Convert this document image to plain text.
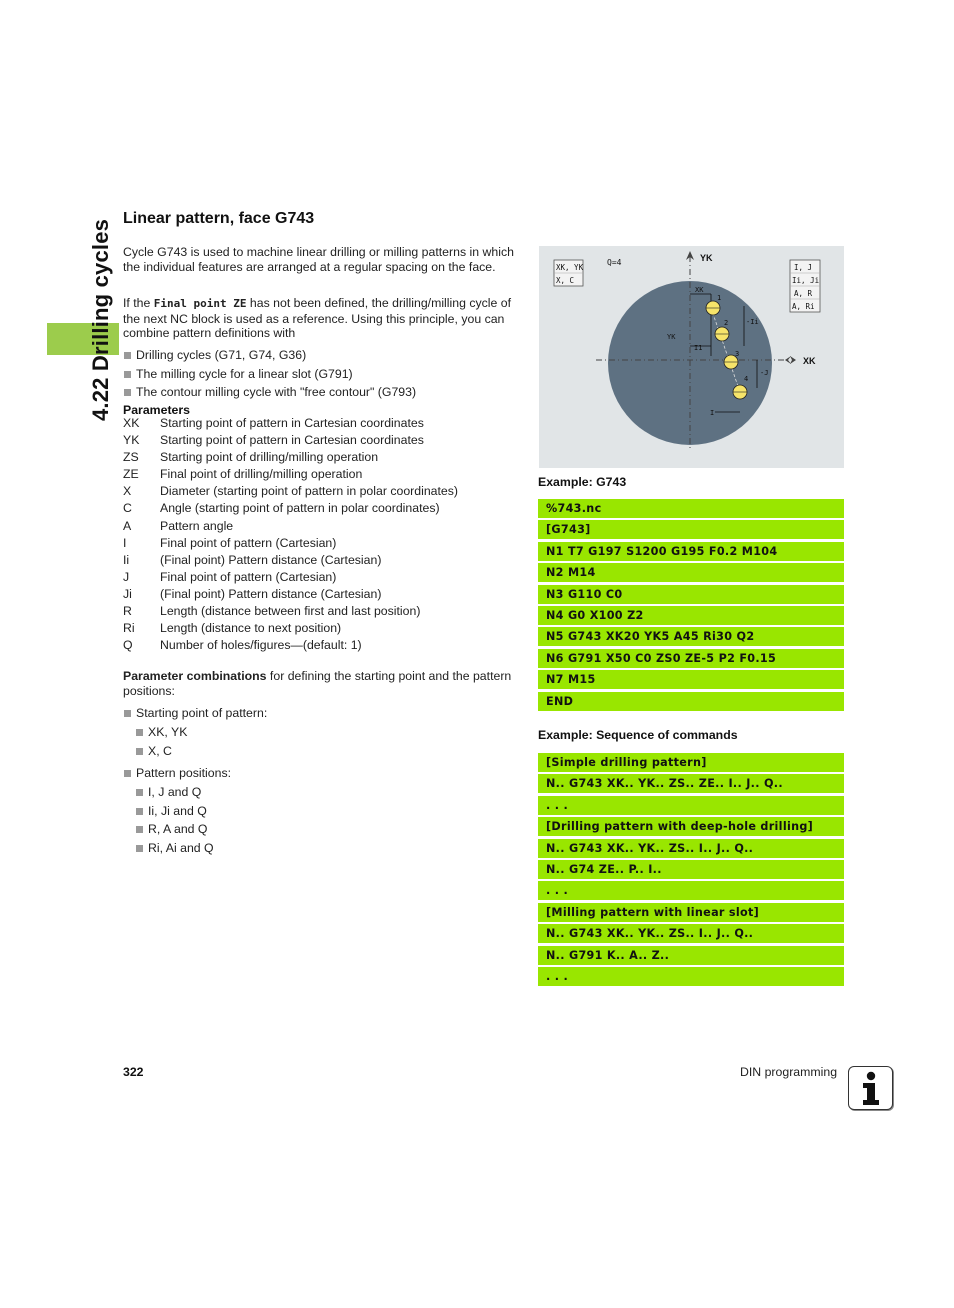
4.22 Drilling cycles
Linear pattern, face G743

Cycle G743 is used to machine linear drilling or milling patterns in which the individual features are arranged at a regular spacing on the face.

If the Final point ZE has not been defined, the drilling/milling cycle of the next NC block is used as a reference. Using this principle, you can combine pattern definitions with

Drilling cycles (G71, G74, G36)
The milling cycle for a linear slot (G791)
The contour milling cycle with "free contour" (G793)
Parameters
XK	Starting point of pattern in Cartesian coordinates
YK	Starting point of pattern in Cartesian coordinates
ZS	Starting point of drilling/milling operation
ZE	Final point of drilling/milling operation
X	Diameter (starting point of pattern in polar coordinates)
C	Angle (starting point of pattern in polar coordinates)
A	Pattern angle
I	Final point of pattern (Cartesian)
Ii	(Final point) Pattern distance (Cartesian)
J	Final point of pattern (Cartesian)
Ji	(Final point) Pattern distance (Cartesian)
R	Length (distance between first and last position)
Ri	Length (distance to next position)
Q	Number of holes/figures—(default: 1)

Parameter combinations for defining the starting point and the pattern positions:

Starting point of pattern:
XK, YK
X, C
Pattern positions:
I, J and Q
Ii, Ji and Q
R, A and Q
Ri, Ai and Q
XK, YK
X, C
Q=4	YK
XK
I, J
Ii, Ji
A, R
A, Ri
XK
YK
I1
-Ii
-J
I
1
2
3
4
Example: G743
%743.nc
[G743]
N1 T7 G197 S1200 G195 F0.2 M104
N2 M14
N3 G110 C0
N4 G0 X100 Z2
N5 G743 XK20 YK5 A45 Ri30 Q2
N6 G791 X50 C0 ZS0 ZE-5 P2 F0.15
N7 M15
END
Example: Sequence of commands
[Simple drilling pattern]
N.. G743 XK.. YK.. ZS.. ZE.. I.. J.. Q..
. . .
[Drilling pattern with deep-hole drilling]
N.. G743 XK.. YK.. ZS.. I.. J.. Q..
N.. G74 ZE.. P.. I..
. . .
[Milling pattern with linear slot]
N.. G743 XK.. YK.. ZS.. I.. J.. Q..
N.. G791 K.. A.. Z..
. . .
322	DIN programming
